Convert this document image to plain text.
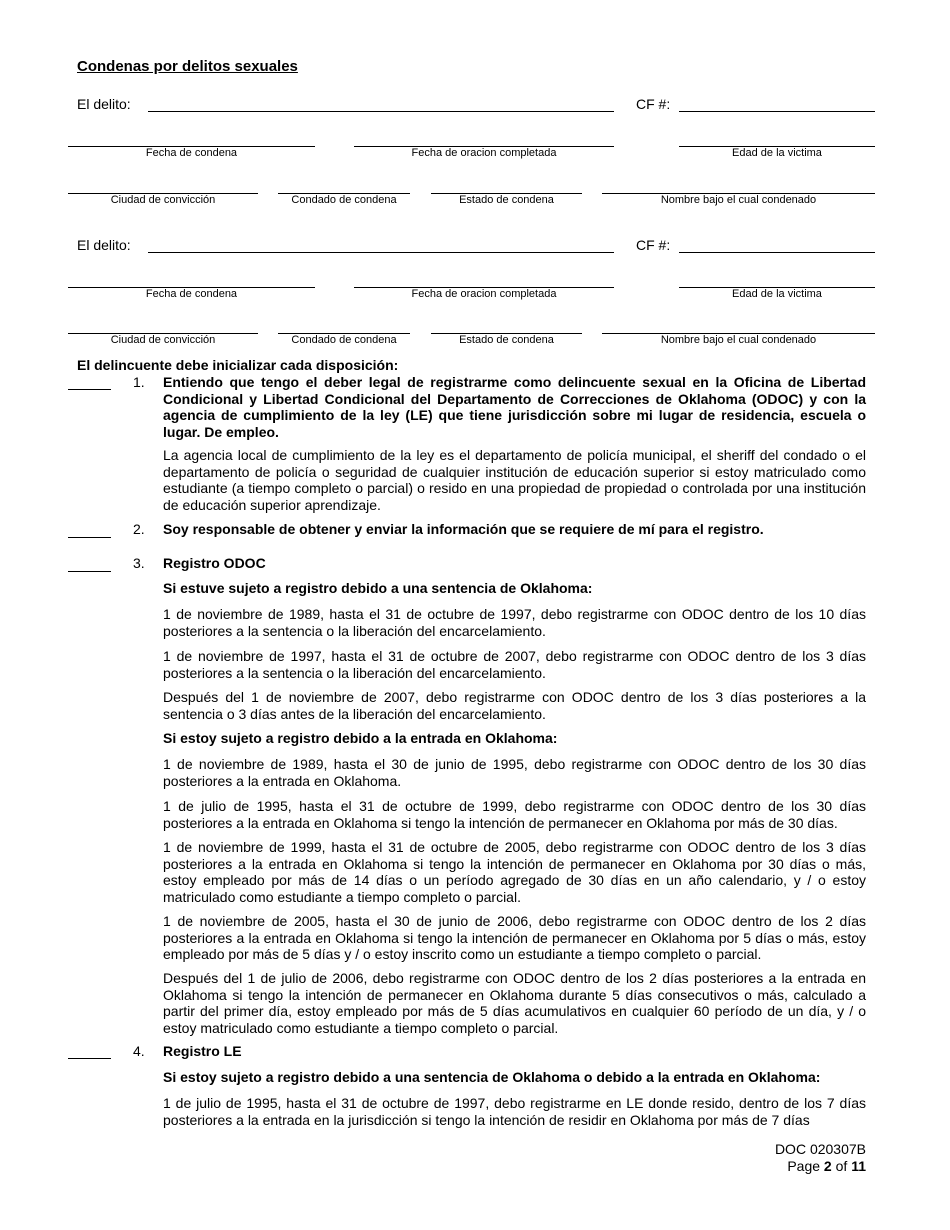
Condenas por delitos sexuales
El delito:	CF #:
Fecha de condena	Fecha de oracion completada	Edad de la victima
Ciudad de convicción	Condado de condena	Estado de condena	Nombre bajo el cual condenado
El delito:	CF #:
Fecha de condena	Fecha de oracion completada	Edad de la victima
Ciudad de convicción	Condado de condena	Estado de condena	Nombre bajo el cual condenado
El delincuente debe inicializar cada disposición:
1. Entiendo que tengo el deber legal de registrarme como delincuente sexual en la Oficina de Libertad Condicional y Libertad Condicional del Departamento de Correcciones de Oklahoma (ODOC) y con la agencia de cumplimiento de la ley (LE) que tiene jurisdicción sobre mi lugar de residencia, escuela o lugar. De empleo.
La agencia local de cumplimiento de la ley es el departamento de policía municipal, el sheriff del condado o el departamento de policía o seguridad de cualquier institución de educación superior si estoy matriculado como estudiante (a tiempo completo o parcial) o resido en una propiedad de propiedad o controlada por una institución de educación superior aprendizaje.
2. Soy responsable de obtener y enviar la información que se requiere de mí para el registro.
3. Registro ODOC
Si estuve sujeto a registro debido a una sentencia de Oklahoma:
1 de noviembre de 1989, hasta el 31 de octubre de 1997, debo registrarme con ODOC dentro de los 10 días posteriores a la sentencia o la liberación del encarcelamiento.
1 de noviembre de 1997, hasta el 31 de octubre de 2007, debo registrarme con ODOC dentro de los 3 días posteriores a la sentencia o la liberación del encarcelamiento.
Después del 1 de noviembre de 2007, debo registrarme con ODOC dentro de los 3 días posteriores a la sentencia o 3 días antes de la liberación del encarcelamiento.
Si estoy sujeto a registro debido a la entrada en Oklahoma:
1 de noviembre de 1989, hasta el 30 de junio de 1995, debo registrarme con ODOC dentro de los 30 días posteriores a la entrada en Oklahoma.
1 de julio de 1995, hasta el 31 de octubre de 1999, debo registrarme con ODOC dentro de los 30 días posteriores a la entrada en Oklahoma si tengo la intención de permanecer en Oklahoma por más de 30 días.
1 de noviembre de 1999, hasta el 31 de octubre de 2005, debo registrarme con ODOC dentro de los 3 días posteriores a la entrada en Oklahoma si tengo la intención de permanecer en Oklahoma por 30 días o más, estoy empleado por más de 14 días o un período agregado de 30 días en un año calendario, y / o estoy matriculado como estudiante a tiempo completo o parcial.
1 de noviembre de 2005, hasta el 30 de junio de 2006, debo registrarme con ODOC dentro de los 2 días posteriores a la entrada en Oklahoma si tengo la intención de permanecer en Oklahoma por 5 días o más, estoy empleado por más de 5 días y / o estoy inscrito como un estudiante a tiempo completo o parcial.
Después del 1 de julio de 2006, debo registrarme con ODOC dentro de los 2 días posteriores a la entrada en Oklahoma si tengo la intención de permanecer en Oklahoma durante 5 días consecutivos o más, calculado a partir del primer día, estoy empleado por más de 5 días acumulativos en cualquier 60 período de un día, y / o estoy matriculado como estudiante a tiempo completo o parcial.
4. Registro LE
Si estoy sujeto a registro debido a una sentencia de Oklahoma o debido a la entrada en Oklahoma:
1 de julio de 1995, hasta el 31 de octubre de 1997, debo registrarme en LE donde resido, dentro de los 7 días posteriores a la entrada en la jurisdicción si tengo la intención de residir en Oklahoma por más de 7 días
DOC 020307B
Page 2 of 11
